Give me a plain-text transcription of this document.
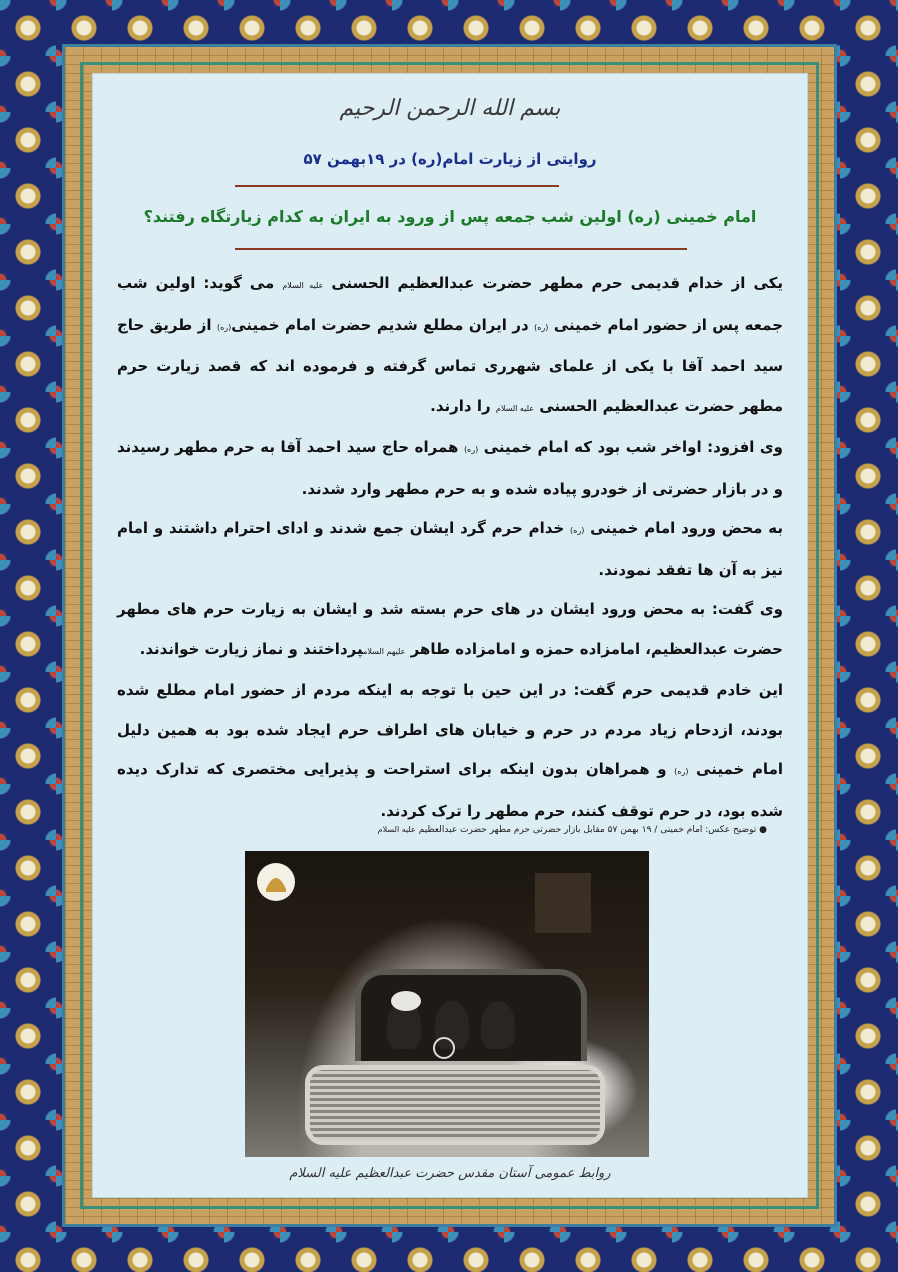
بسم الله الرحمن الرحیم
روایتی از زیارت امام(ره) در ۱۹بهمن ۵۷
امام خمینی (ره) اولین شب جمعه پس از ورود به ایران به کدام زیارتگاه رفتند؟

یکی از خدام قدیمی حرم مطهر حضرت عبدالعظیم الحسنی علیه السلام می گوید: اولین شب جمعه پس از حضور امام خمینی (ره) در ایران مطلع شدیم حضرت امام خمینی(ره) از طریق حاج سید احمد آقا با یکی از علمای شهرری تماس گرفته و فرموده اند که قصد زیارت حرم مطهر حضرت عبدالعظیم الحسنی علیه السلام را دارند.

وی افزود: اواخر شب بود که امام خمینی (ره) همراه حاج سید احمد آقا به حرم مطهر رسیدند و در بازار حضرتی از خودرو پیاده شده و به حرم مطهر وارد شدند.

به محض ورود امام خمینی (ره) خدام حرم گرد ایشان جمع شدند و ادای احترام داشتند و امام نیز به آن ها تفقد نمودند.

وی گفت: به محض ورود ایشان در های حرم بسته شد و ایشان به زیارت حرم های مطهر حضرت عبدالعظیم، امامزاده حمزه و امامزاده طاهر علیهم السلامپرداختند و نماز زیارت خواندند.

این خادم قدیمی حرم گفت: در این حین با توجه به اینکه مردم از حضور امام مطلع شده بودند، ازدحام زیاد مردم در حرم و خیابان های اطراف حرم ایجاد شده بود به همین دلیل امام خمینی (ره) و همراهان بدون اینکه برای استراحت و پذیرایی مختصری که تدارک دیده شده بود، در حرم توقف کنند، حرم مطهر را ترک کردند.

● توضیح عکس: امام خمینی / ۱۹ بهمن ۵۷ مقابل بازار حضرتی حرم مطهر حضرت عبدالعظیم علیه السلام
روابط عمومی آستان مقدس حضرت عبدالعظیم علیه السلام
